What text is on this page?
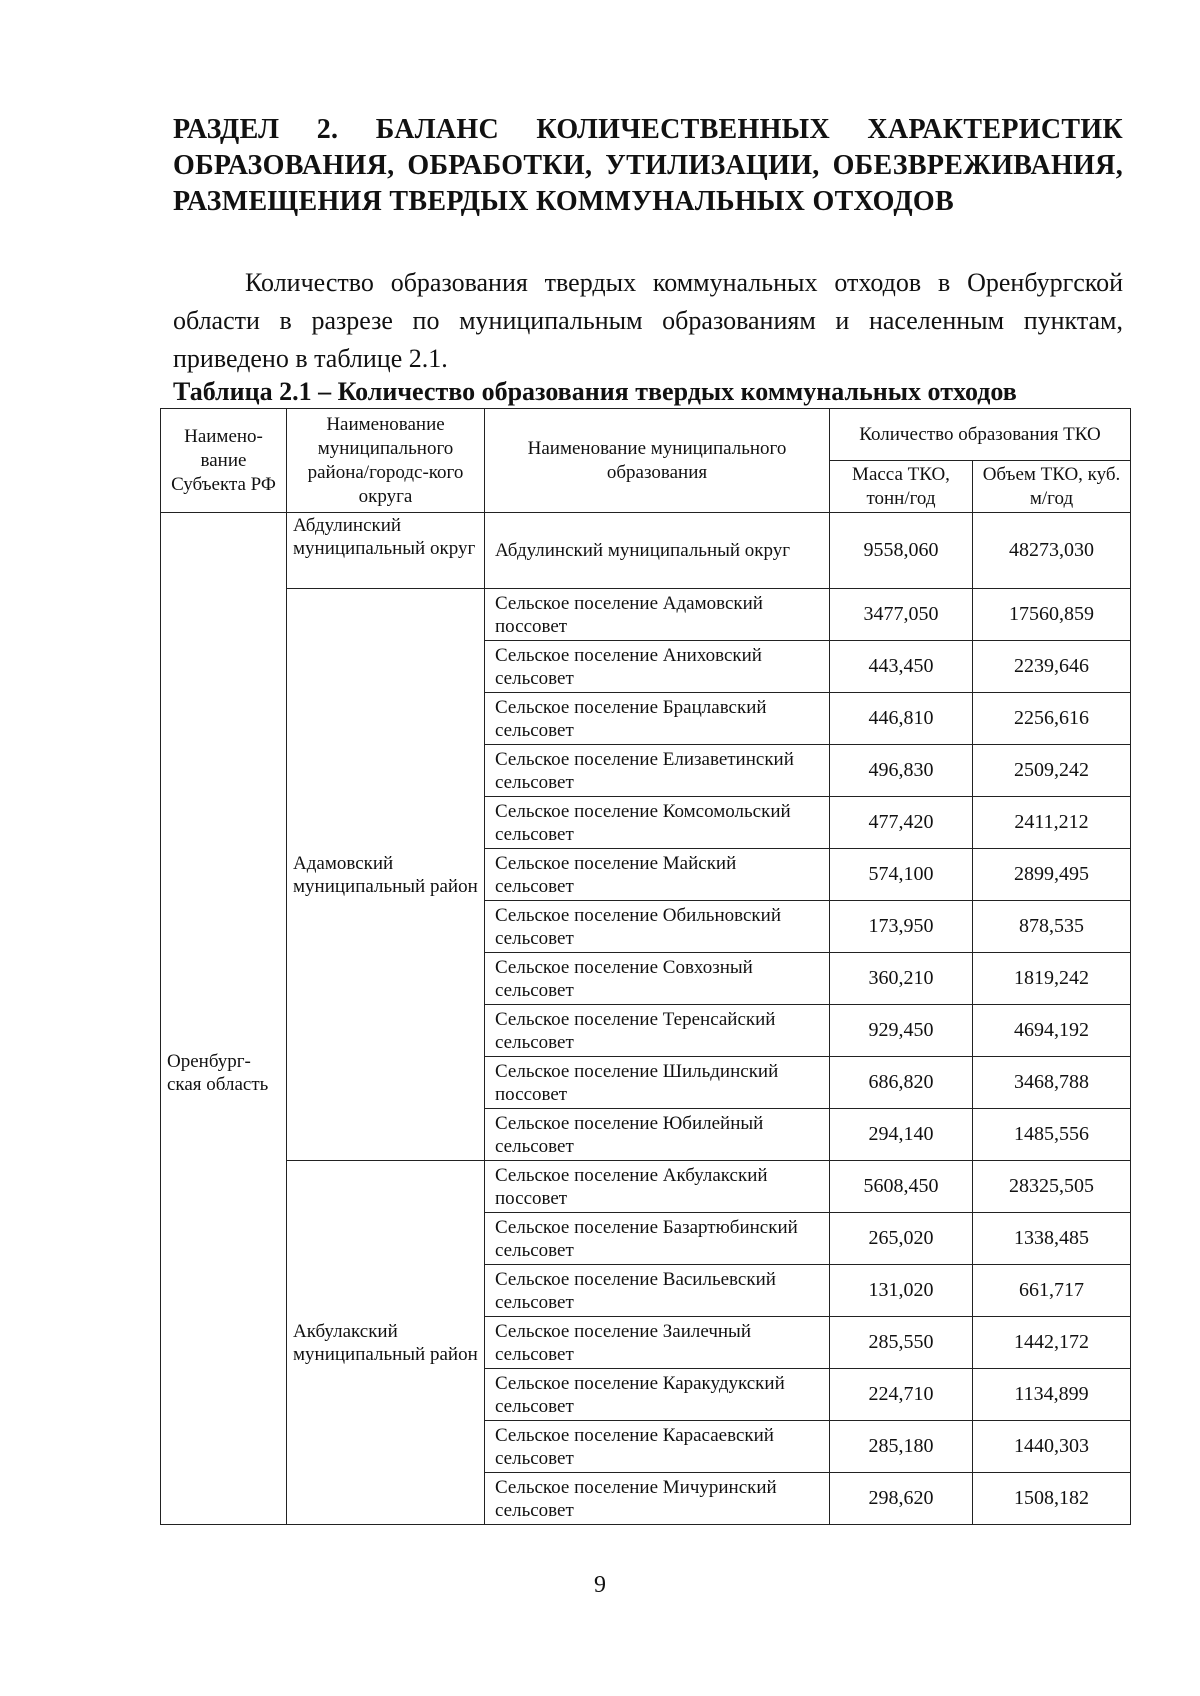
РАЗДЕЛ 2. БАЛАНС КОЛИЧЕСТВЕННЫХ ХАРАКТЕРИСТИК ОБРАЗОВАНИЯ, ОБРАБОТКИ, УТИЛИЗАЦИИ, ОБЕЗВРЕЖИВАНИЯ, РАЗМЕЩЕНИЯ ТВЕРДЫХ КОММУНАЛЬНЫХ ОТХОДОВ
Количество образования твердых коммунальных отходов в Оренбургской области в разрезе по муниципальным образованиям и населенным пунктам, приведено в таблице 2.1.
Таблица 2.1 – Количество образования твердых коммунальных отходов
Наимено-вание Субъекта РФ	Наименование муниципального района/городс-кого округа	Наименование муниципального образования	Количество образования ТКО	
			Масса ТКО, тонн/год	Объем ТКО, куб. м/год

Оренбург-ская область	Абдулинский муниципальный округ	Абдулинский муниципальный округ	9558,060	48273,030
	Адамовский муниципальный район	Сельское поселение Адамовский поссовет	3477,050	17560,859
		Сельское поселение Аниховский сельсовет	443,450	2239,646
		Сельское поселение Брацлавский сельсовет	446,810	2256,616
		Сельское поселение Елизаветинский сельсовет	496,830	2509,242
		Сельское поселение Комсомольский сельсовет	477,420	2411,212
		Сельское поселение Майский сельсовет	574,100	2899,495
		Сельское поселение Обильновский сельсовет	173,950	878,535
		Сельское поселение Совхозный сельсовет	360,210	1819,242
		Сельское поселение Теренсайский сельсовет	929,450	4694,192
		Сельское поселение Шильдинский поссовет	686,820	3468,788
		Сельское поселение Юбилейный сельсовет	294,140	1485,556
	Акбулакский муниципальный район	Сельское поселение Акбулакский поссовет	5608,450	28325,505
		Сельское поселение Базартюбинский сельсовет	265,020	1338,485
		Сельское поселение Васильевский сельсовет	131,020	661,717
		Сельское поселение Заилечный сельсовет	285,550	1442,172
		Сельское поселение Каракудукский сельсовет	224,710	1134,899
		Сельское поселение Карасаевский сельсовет	285,180	1440,303
		Сельское поселение Мичуринский сельсовет	298,620	1508,182
9
